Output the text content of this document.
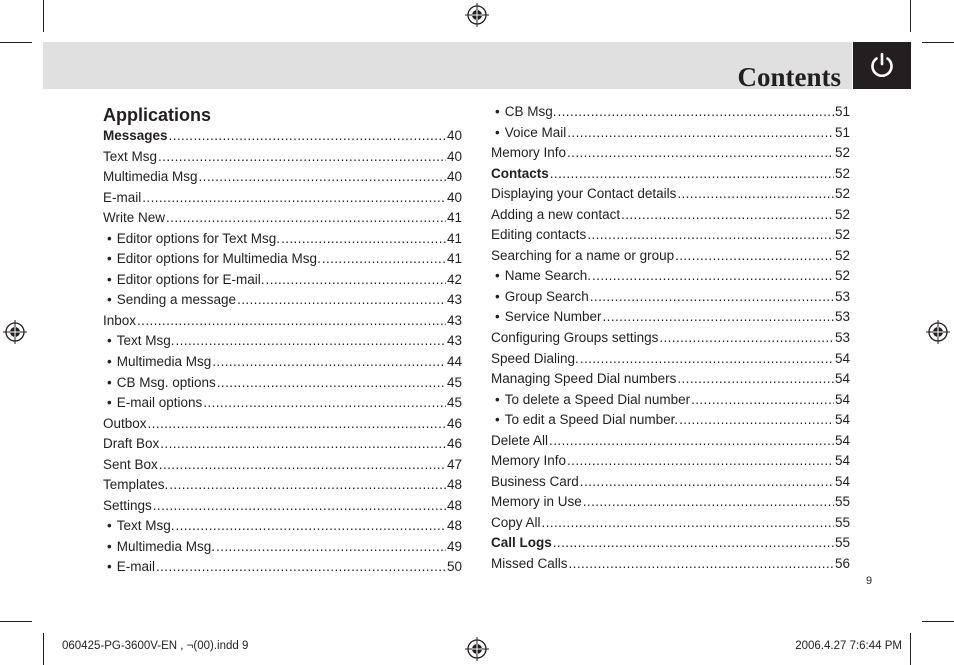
Contents
Applications
Messages .....	40
Text Msg .....	40
Multimedia Msg .....	40
E-mail .....	40
Write New .....	41
• Editor options for Text Msg. .....	41
• Editor options for Multimedia Msg. .....	41
• Editor options for E-mail. .....	42
• Sending a message .....	43
Inbox .....	43
• Text Msg. .....	43
• Multimedia Msg .....	44
• CB Msg. options .....	45
• E-mail options .....	45
Outbox .....	46
Draft Box .....	46
Sent Box .....	47
Templates. .....	48
Settings .....	48
• Text Msg. .....	48
• Multimedia Msg. .....	49
• E-mail .....	50
• CB Msg. .....	51
• Voice Mail .....	51
Memory Info .....	52
Contacts .....	52
Displaying your Contact details .....	52
Adding a new contact .....	52
Editing contacts .....	52
Searching for a name or group .....	52
• Name Search. .....	52
• Group Search .....	53
• Service Number .....	53
Configuring Groups settings .....	53
Speed Dialing. .....	54
Managing Speed Dial numbers .....	54
• To delete a Speed Dial number .....	54
• To edit a Speed Dial number. .....	54
Delete All .....	54
Memory Info .....	54
Business Card .....	54
Memory in Use .....	55
Copy All .....	55
Call Logs .....	55
Missed Calls .....	56
9
060425-PG-3600V-EN , ¬(00).indd 9	2006.4.27 7:6:44 PM
